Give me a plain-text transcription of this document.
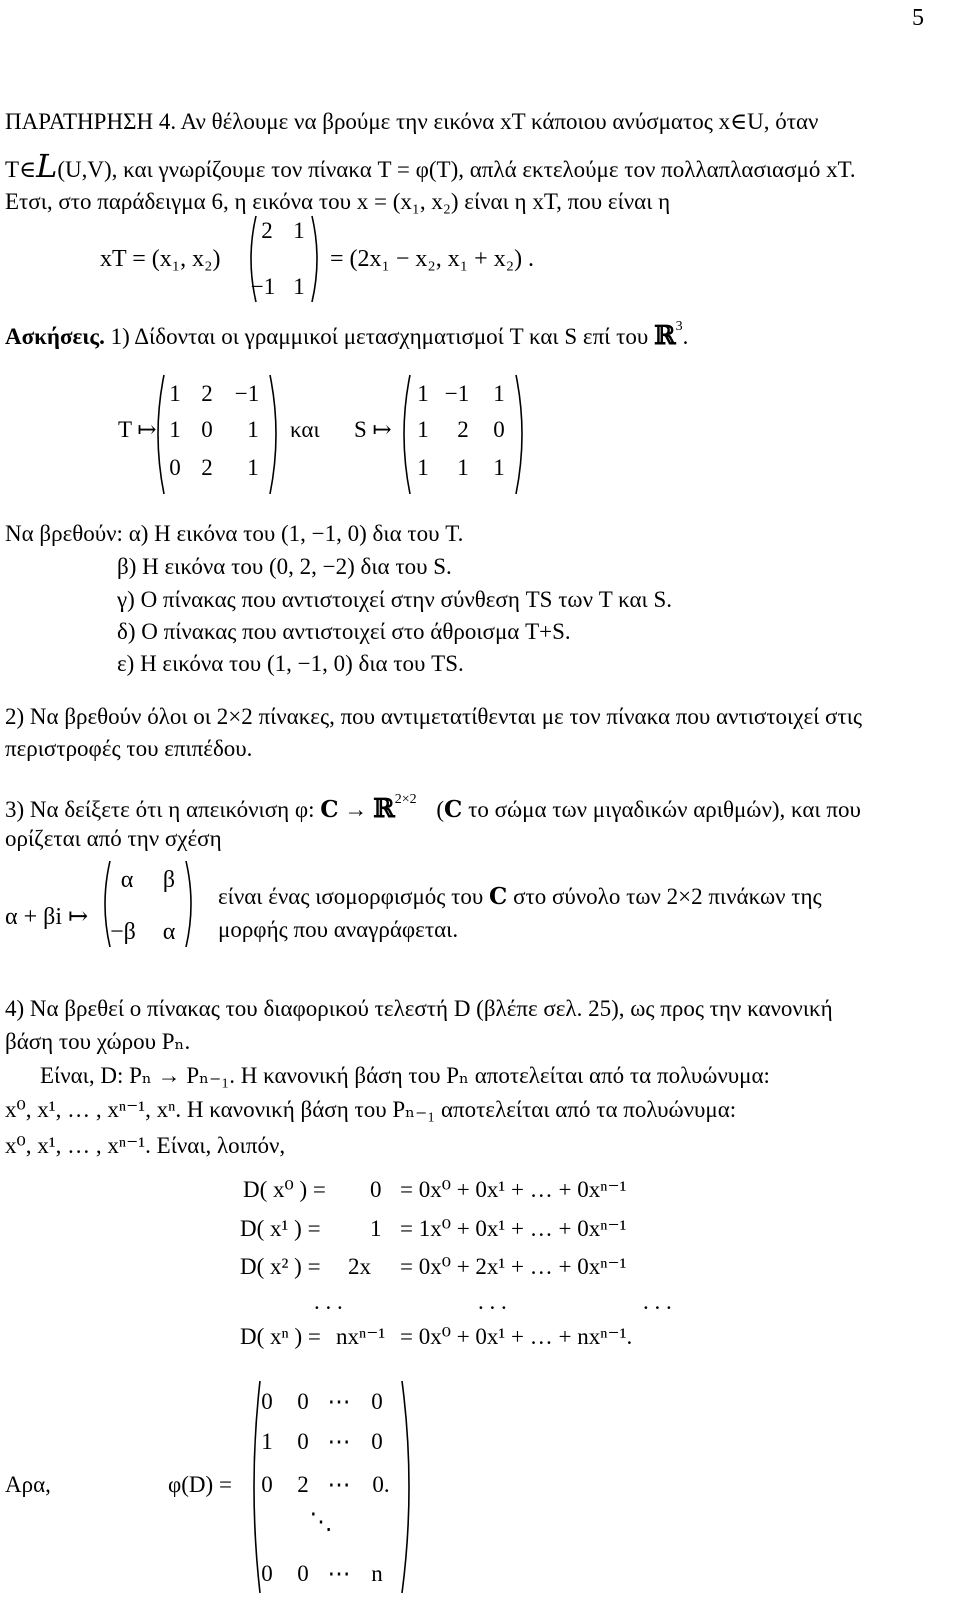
5
ΠΑΡΑΤΗΡΗΣΗ 4. Αν θέλουμε να βρούμε την εικόνα xT κάποιου ανύσματος x∈U, όταν
T∈L(U,V), και γνωρίζουμε τον πίνακα T = φ(T), απλά εκτελούμε τον πολλαπλασιασμό xT.
Ετσι, στο παράδειγμα 6, η εικόνα του x = (x₁, x₂) είναι η xT, που είναι η
xT = (x₁, x₂)
2 1
−1 1
= (2x₁ − x₂, x₁ + x₂) .
Ασκήσεις. 1) Δίδονται οι γραμμικοί μετασχηματισμοί T και S επί του ℝ$^3$.
T ↦
1 2 −1
1 0	1
0 2	1
και S ↦
1 −1	1
1	2	0
1	1	1
Να βρεθούν: α) Η εικόνα του (1, −1, 0) δια του T.
β) Η εικόνα του (0, 2, −2) δια του S.
γ) Ο πίνακας που αντιστοιχεί στην σύνθεση TS των T και S.
δ) Ο πίνακας που αντιστοιχεί στο άθροισμα T+S.
ε) Η εικόνα του (1, −1, 0) δια του TS.
2) Να βρεθούν όλοι οι 2×2 πίνακες, που αντιμετατίθενται με τον πίνακα που αντιστοιχεί στις
περιστροφές του επιπέδου.
3) Να δείξετε ότι η απεικόνιση φ: C → ℝ$^{2\times 2}$ (C το σώμα των μιγαδικών αριθμών), και που
ορίζεται από την σχέση
α + βi ↦
α	β
−β	α
είναι ένας ισομορφισμός του C στο σύνολο των 2×2 πινάκων της
μορφής που αναγράφεται.
4) Να βρεθεί ο πίνακας του διαφορικού τελεστή D (βλέπε σελ. 25), ως προς την κανονική
βάση του χώρου Pₙ.
Είναι, D: Pₙ → Pₙ₋₁. Η κανονική βάση του Pₙ αποτελείται από τα πολυώνυμα:
x⁰, x¹, … , xⁿ⁻¹, xⁿ. Η κανονική βάση του Pₙ₋₁ αποτελείται από τα πολυώνυμα:
x⁰, x¹, … , xⁿ⁻¹. Είναι, λοιπόν,
D( x⁰ ) = 0 = 0x⁰ + 0x¹ + … + 0xⁿ⁻¹
D( x¹ ) = 1 = 1x⁰ + 0x¹ + … + 0xⁿ⁻¹
D( x² ) = 2x = 0x⁰ + 2x¹ + … + 0xⁿ⁻¹
. . .	. . .	. . .
D( xⁿ ) = nxⁿ⁻¹ = 0x⁰ + 0x¹ + … + nxⁿ⁻¹.
Αρα,	φ(D) =
0	0 ⋯ 0
1	0 ⋯ 0
0	2 ⋯ 0.
⋱
0	0 ⋯ n
